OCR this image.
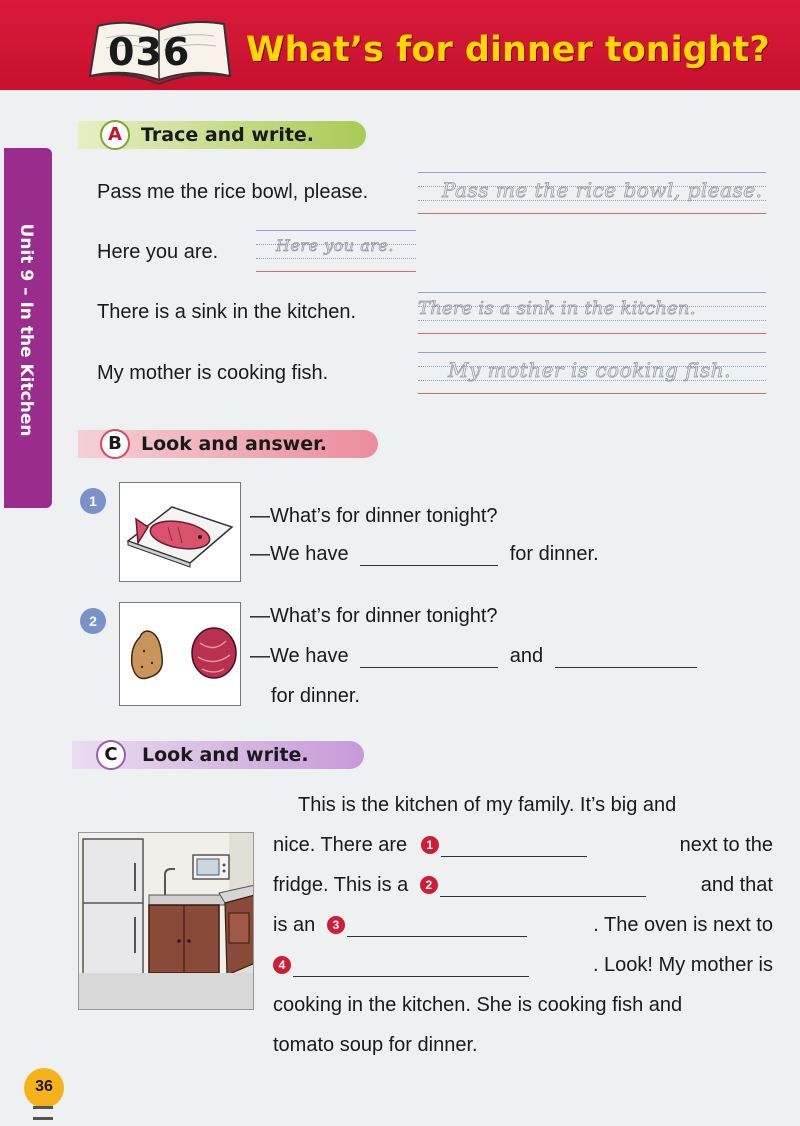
036 What’s for dinner tonight?
Unit 9 – In the Kitchen
A	Trace and write.
Pass me the rice bowl, please.	Pass me the rice bowl, please.
Here you are.	Here you are.
There is a sink in the kitchen.	There is a sink in the kitchen.
My mother is cooking fish.	My mother is cooking fish.
B	Look and answer.
1
—What’s for dinner tonight?
—We have	for dinner.
2	—What’s for dinner tonight?
—We have	and
for dinner.
C	Look and write.
This is the kitchen of my family. It’s big and
nice. There are 1	next to the
fridge. This is a 2	and that
is an 3	. The oven is next to
4	. Look! My mother is
cooking in the kitchen. She is cooking fish and
tomato soup for dinner.
36
